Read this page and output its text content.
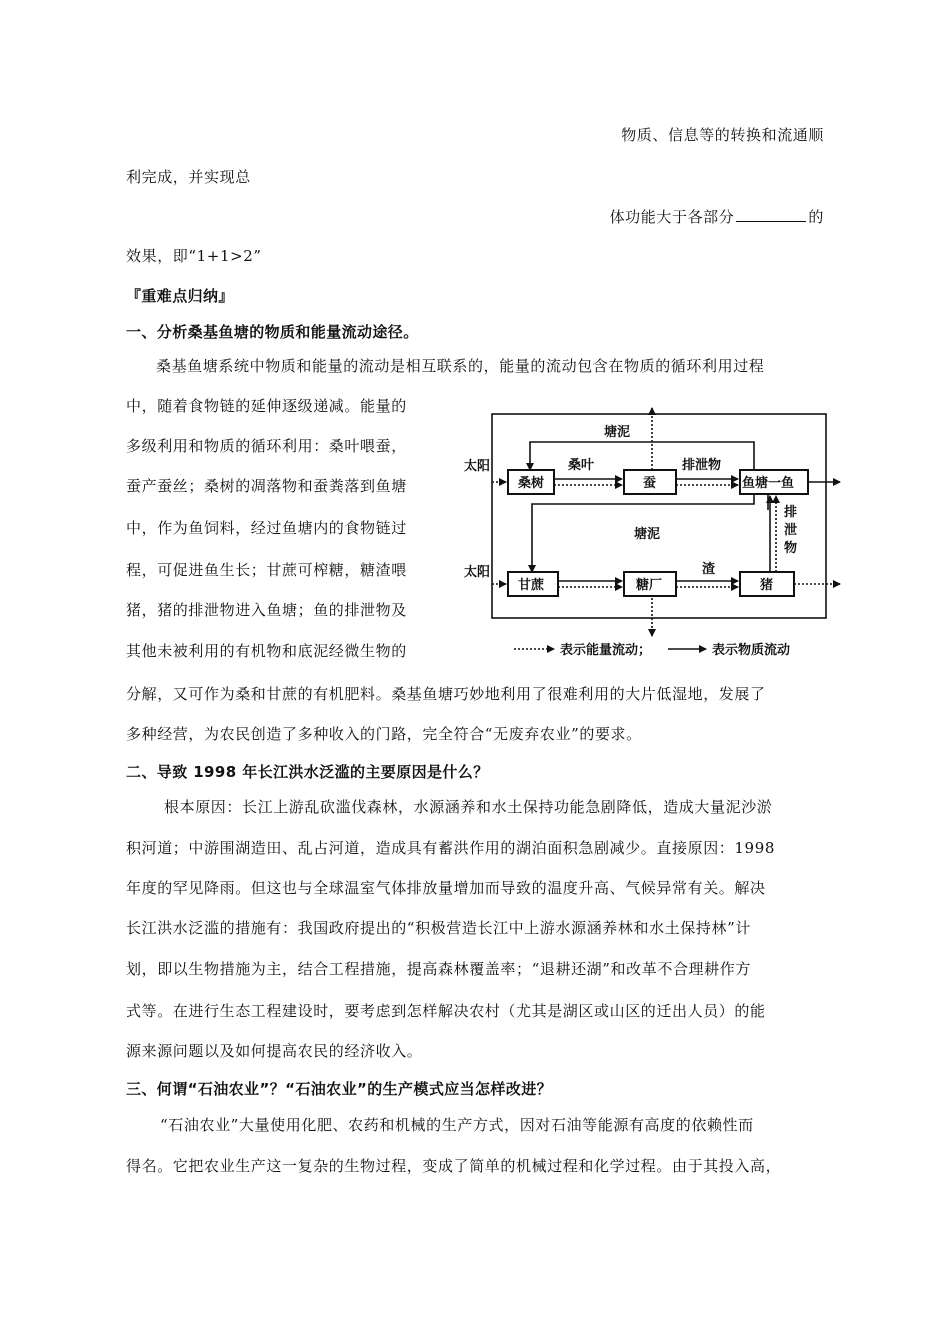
物质、信息等的转换和流通顺
利完成，并实现总
体功能大于各部分	的
效果，即“1+1>2”
『重难点归纳』
一、分析桑基鱼塘的物质和能量流动途径。
桑基鱼塘系统中物质和能量的流动是相互联系的，能量的流动包含在物质的循环利用过程
中，随着食物链的延伸逐级递减。能量的
多级利用和物质的循环利用：桑叶喂蚕，
蚕产蚕丝；桑树的凋落物和蚕粪落到鱼塘
中，作为鱼饲料，经过鱼塘内的食物链过
程，可促进鱼生长；甘蔗可榨糖，糖渣喂
猪，猪的排泄物进入鱼塘；鱼的排泄物及
其他未被利用的有机物和底泥经微生物的
分解，又可作为桑和甘蔗的有机肥料。桑基鱼塘巧妙地利用了很难利用的大片低湿地，发展了
多种经营，为农民创造了多种收入的门路，完全符合“无废弃农业”的要求。
太阳
太阳
桑树	蚕	鱼塘一鱼
甘蔗	糖厂	猪
塘泥
桑叶	排泄物
塘泥
排
泄
物
渣
表示能量流动；	表示物质流动
二、导致 1998 年长江洪水泛滥的主要原因是什么？
根本原因：长江上游乱砍滥伐森林，水源涵养和水土保持功能急剧降低，造成大量泥沙淤
积河道；中游围湖造田、乱占河道，造成具有蓄洪作用的湖泊面积急剧减少。直接原因：1998
年度的罕见降雨。但这也与全球温室气体排放量增加而导致的温度升高、气候异常有关。解决
长江洪水泛滥的措施有：我国政府提出的“积极营造长江中上游水源涵养林和水土保持林”计
划，即以生物措施为主，结合工程措施，提高森林覆盖率；“退耕还湖”和改革不合理耕作方
式等。在进行生态工程建设时，要考虑到怎样解决农村（尤其是湖区或山区的迁出人员）的能
源来源问题以及如何提高农民的经济收入。
三、何谓“石油农业”？“石油农业”的生产模式应当怎样改进？
“石油农业”大量使用化肥、农药和机械的生产方式，因对石油等能源有高度的依赖性而
得名。它把农业生产这一复杂的生物过程，变成了简单的机械过程和化学过程。由于其投入高，
